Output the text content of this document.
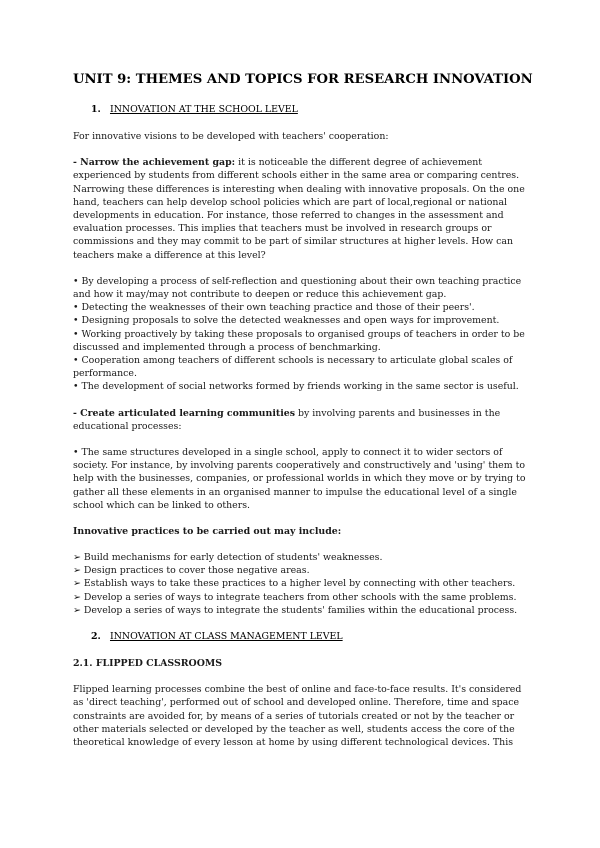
UNIT 9: THEMES AND TOPICS FOR RESEARCH INNOVATION
1. INNOVATION AT THE SCHOOL LEVEL

For innovative visions to be developed with teachers' cooperation:

- Narrow the achievement gap: it is noticeable the different degree of achievement experienced by students from different schools either in the same area or comparing centres. Narrowing these differences is interesting when dealing with innovative proposals. On the one hand, teachers can help develop school policies which are part of local,regional or national developments in education. For instance, those referred to changes in the assessment and evaluation processes. This implies that teachers must be involved in research groups or commissions and they may commit to be part of similar structures at higher levels. How can teachers make a difference at this level?

• By developing a process of self-reflection and questioning about their own teaching practice and how it may/may not contribute to deepen or reduce this achievement gap.
• Detecting the weaknesses of their own teaching practice and those of their peers'.
• Designing proposals to solve the detected weaknesses and open ways for improvement.
• Working proactively by taking these proposals to organised groups of teachers in order to be discussed and implemented through a process of benchmarking.
• Cooperation among teachers of different schools is necessary to articulate global scales of performance.
• The development of social networks formed by friends working in the same sector is useful.

- Create articulated learning communities by involving parents and businesses in the educational processes:

• The same structures developed in a single school, apply to connect it to wider sectors of society. For instance, by involving parents cooperatively and constructively and 'using' them to help with the businesses, companies, or professional worlds in which they move or by trying to gather all these elements in an organised manner to impulse the educational level of a single school which can be linked to others.

Innovative practices to be carried out may include:
➢ Build mechanisms for early detection of students' weaknesses.
➢ Design practices to cover those negative areas.
➢ Establish ways to take these practices to a higher level by connecting with other teachers.
➢ Develop a series of ways to integrate teachers from other schools with the same problems.
➢ Develop a series of ways to integrate the students' families within the educational process.
2. INNOVATION AT CLASS MANAGEMENT LEVEL
2.1. FLIPPED CLASSROOMS

Flipped learning processes combine the best of online and face-to-face results. It's considered as 'direct teaching', performed out of school and developed online. Therefore, time and space constraints are avoided for, by means of a series of tutorials created or not by the teacher or other materials selected or developed by the teacher as well, students access the core of the theoretical knowledge of every lesson at home by using different technological devices. This
